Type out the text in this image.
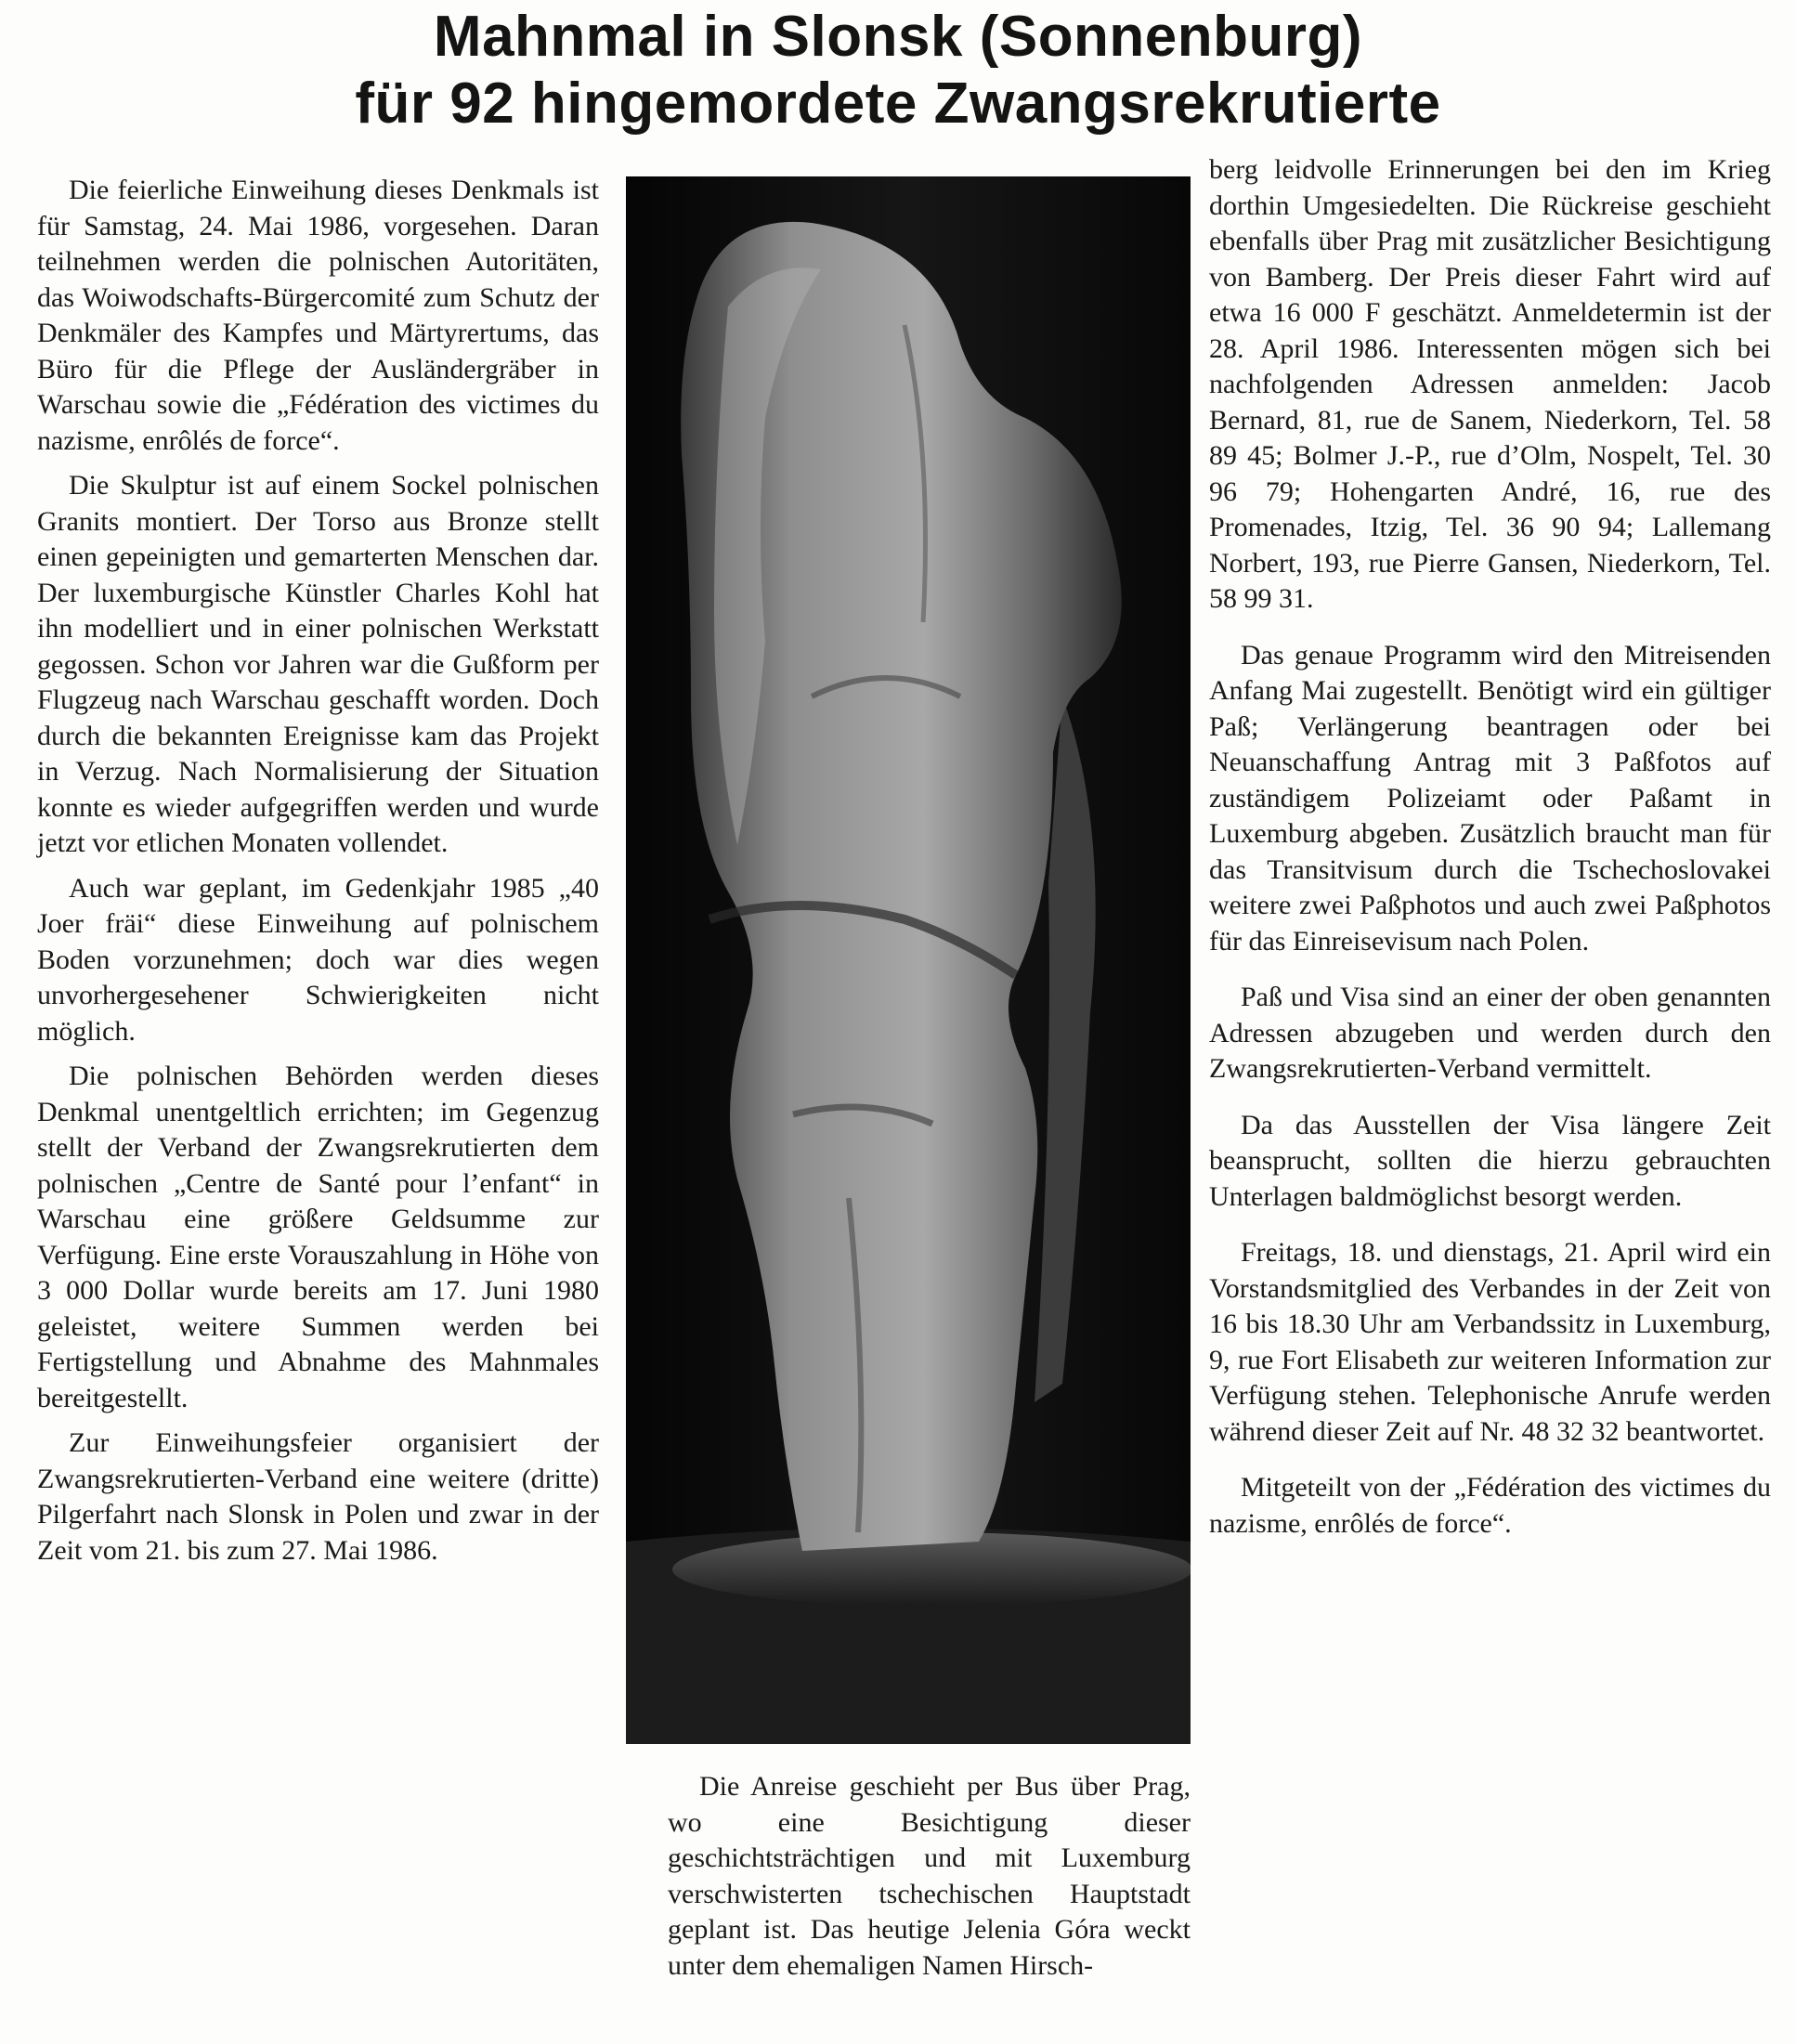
Mahnmal in Slonsk (Sonnenburg)
für 92 hingemordete Zwangsrekrutierte

Die feierliche Einweihung dieses Denkmals ist für Samstag, 24. Mai 1986, vorgesehen. Daran teilnehmen werden die polnischen Autoritäten, das Woiwodschafts-Bürgercomité zum Schutz der Denkmäler des Kampfes und Märtyrertums, das Büro für die Pflege der Ausländergräber in Warschau sowie die „Fédération des victimes du nazisme, enrôlés de force“.

Die Skulptur ist auf einem Sockel polnischen Granits montiert. Der Torso aus Bronze stellt einen gepeinigten und gemarterten Menschen dar. Der luxemburgische Künstler Charles Kohl hat ihn modelliert und in einer polnischen Werkstatt gegossen. Schon vor Jahren war die Gußform per Flugzeug nach Warschau geschafft worden. Doch durch die bekannten Ereignisse kam das Projekt in Verzug. Nach Normalisierung der Situation konnte es wieder aufgegriffen werden und wurde jetzt vor etlichen Monaten vollendet.

Auch war geplant, im Gedenkjahr 1985 „40 Joer fräi“ diese Einweihung auf polnischem Boden vorzunehmen; doch war dies wegen unvorhergesehener Schwierigkeiten nicht möglich.

Die polnischen Behörden werden dieses Denkmal unentgeltlich errichten; im Gegenzug stellt der Verband der Zwangsrekrutierten dem polnischen „Centre de Santé pour l’enfant“ in Warschau eine größere Geldsumme zur Verfügung. Eine erste Vorauszahlung in Höhe von 3 000 Dollar wurde bereits am 17. Juni 1980 geleistet, weitere Summen werden bei Fertigstellung und Abnahme des Mahnmales bereitgestellt.

Zur Einweihungsfeier organisiert der Zwangsrekrutierten-Verband eine weitere (dritte) Pilgerfahrt nach Slonsk in Polen und zwar in der Zeit vom 21. bis zum 27. Mai 1986.

Die Anreise geschieht per Bus über Prag, wo eine Besichtigung dieser geschichtsträchtigen und mit Luxemburg verschwisterten tschechischen Hauptstadt geplant ist. Das heutige Jelenia Góra weckt unter dem ehemaligen Namen Hirsch-

berg leidvolle Erinnerungen bei den im Krieg dorthin Umgesiedelten. Die Rückreise geschieht ebenfalls über Prag mit zusätzlicher Besichtigung von Bamberg. Der Preis dieser Fahrt wird auf etwa 16 000 F geschätzt. Anmeldetermin ist der 28. April 1986. Interessenten mögen sich bei nachfolgenden Adressen anmelden: Jacob Bernard, 81, rue de Sanem, Niederkorn, Tel. 58 89 45; Bolmer J.-P., rue d’Olm, Nospelt, Tel. 30 96 79; Hohengarten André, 16, rue des Promenades, Itzig, Tel. 36 90 94; Lallemang Norbert, 193, rue Pierre Gansen, Niederkorn, Tel. 58 99 31.

Das genaue Programm wird den Mitreisenden Anfang Mai zugestellt. Benötigt wird ein gültiger Paß; Verlängerung beantragen oder bei Neuanschaffung Antrag mit 3 Paßfotos auf zuständigem Polizeiamt oder Paßamt in Luxemburg abgeben. Zusätzlich braucht man für das Transitvisum durch die Tschechoslovakei weitere zwei Paßphotos und auch zwei Paßphotos für das Einreisevisum nach Polen.

Paß und Visa sind an einer der oben genannten Adressen abzugeben und werden durch den Zwangsrekrutierten-Verband vermittelt.

Da das Ausstellen der Visa längere Zeit beansprucht, sollten die hierzu gebrauchten Unterlagen baldmöglichst besorgt werden.

Freitags, 18. und dienstags, 21. April wird ein Vorstandsmitglied des Verbandes in der Zeit von 16 bis 18.30 Uhr am Verbandssitz in Luxemburg, 9, rue Fort Elisabeth zur weiteren Information zur Verfügung stehen. Telephonische Anrufe werden während dieser Zeit auf Nr. 48 32 32 beantwortet.

Mitgeteilt von der „Fédération des victimes du nazisme, enrôlés de force“.
